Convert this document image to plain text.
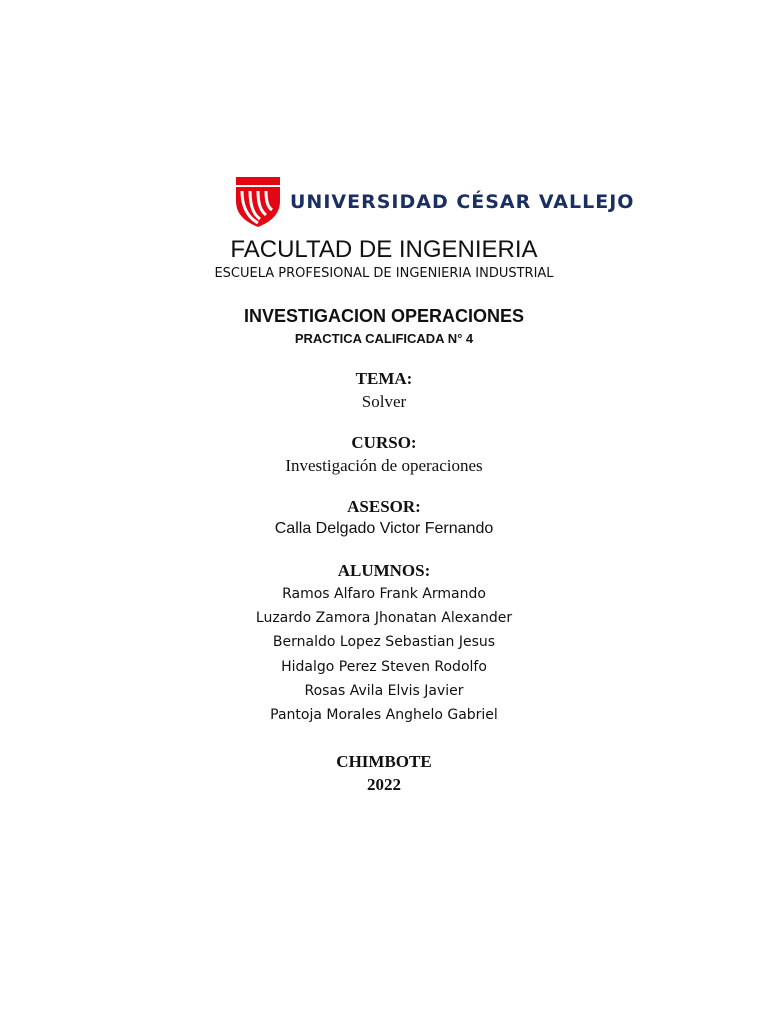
UNIVERSIDAD CÉSAR VALLEJO
FACULTAD DE INGENIERIA
ESCUELA PROFESIONAL DE INGENIERIA INDUSTRIAL
INVESTIGACION OPERACIONES
PRACTICA CALIFICADA N° 4
TEMA:
Solver
CURSO:
Investigación de operaciones
ASESOR:
Calla Delgado Victor Fernando
ALUMNOS:
Ramos Alfaro Frank Armando
Luzardo Zamora Jhonatan Alexander
Bernaldo Lopez Sebastian Jesus
Hidalgo Perez Steven Rodolfo
Rosas Avila Elvis Javier
Pantoja Morales Anghelo Gabriel
CHIMBOTE
2022
